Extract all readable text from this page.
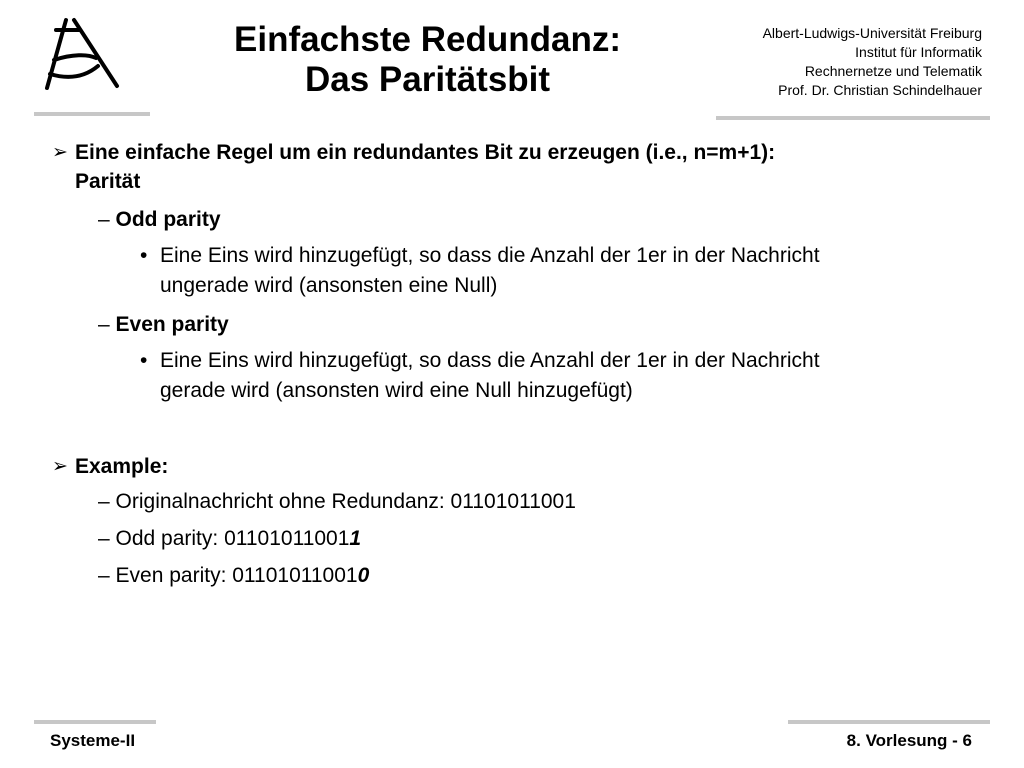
Einfachste Redundanz:
Das Paritätsbit
Albert-Ludwigs-Universität Freiburg
Institut für Informatik
Rechnernetze und Telematik
Prof. Dr. Christian Schindelhauer
➢ Eine einfache Regel um ein redundantes Bit zu erzeugen (i.e., n=m+1):
Parität
– Odd parity
• Eine Eins wird hinzugefügt, so dass die Anzahl der 1er in der Nachricht
ungerade wird (ansonsten eine Null)
– Even parity
• Eine Eins wird hinzugefügt, so dass die Anzahl der 1er in der Nachricht
gerade wird (ansonsten wird eine Null hinzugefügt)
➢ Example:
– Originalnachricht ohne Redundanz: 01101011001
– Odd parity: 011010110011
– Even parity: 011010110010
Systeme-II	8. Vorlesung - 6
